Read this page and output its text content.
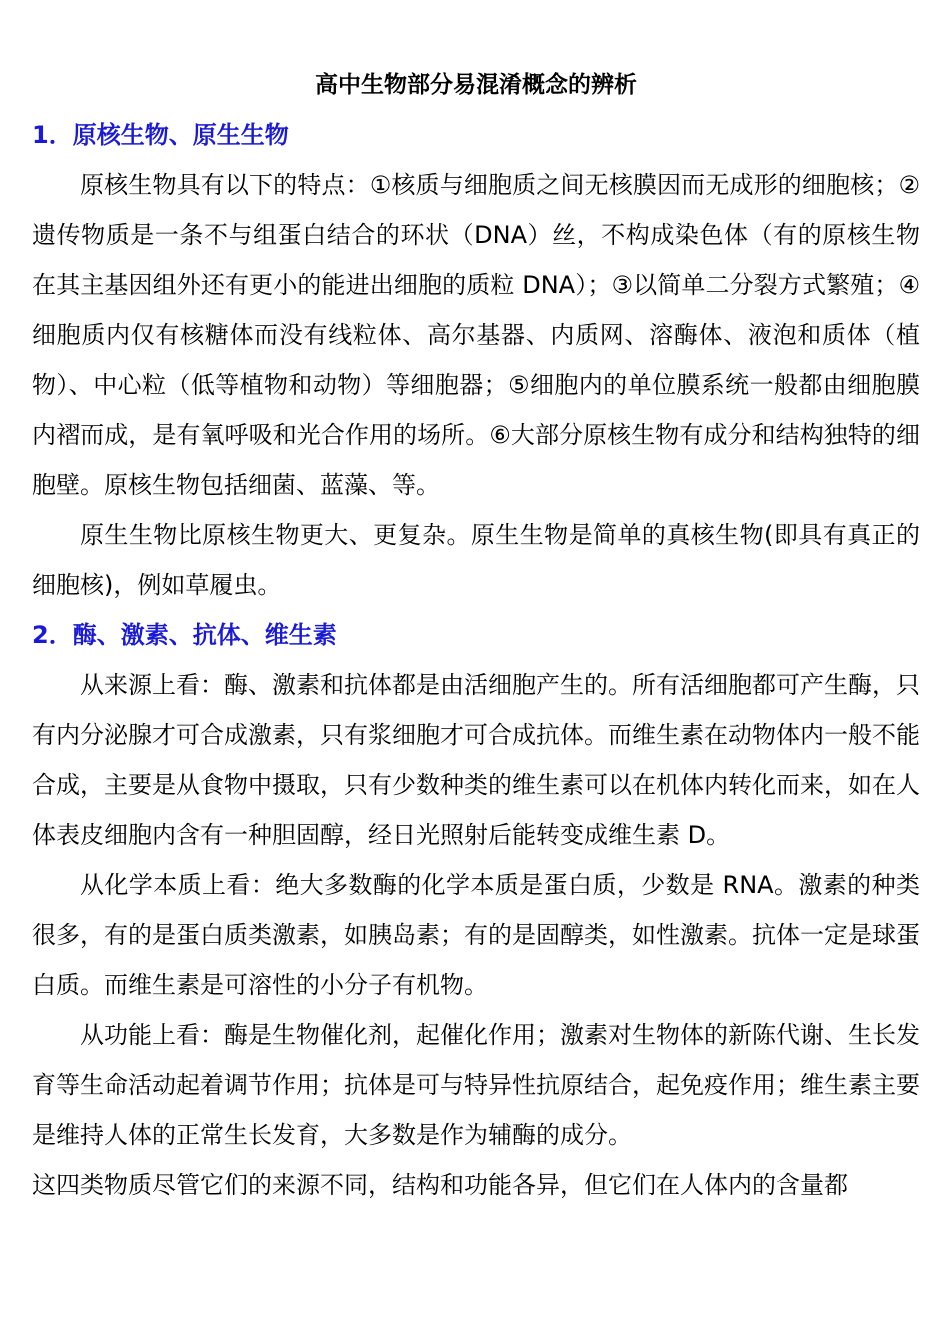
高中生物部分易混淆概念的辨析
1．原核生物、原生生物

原核生物具有以下的特点：①核质与细胞质之间无核膜因而无成形的细胞核；②遗传物质是一条不与组蛋白结合的环状（DNA）丝，不构成染色体（有的原核生物在其主基因组外还有更小的能进出细胞的质粒 DNA）；③以简单二分裂方式繁殖；④细胞质内仅有核糖体而没有线粒体、高尔基器、内质网、溶酶体、液泡和质体（植物）、中心粒（低等植物和动物）等细胞器；⑤细胞内的单位膜系统一般都由细胞膜内褶而成，是有氧呼吸和光合作用的场所。⑥大部分原核生物有成分和结构独特的细胞壁。原核生物包括细菌、蓝藻、等。

原生生物比原核生物更大、更复杂。原生生物是简单的真核生物(即具有真正的细胞核)，例如草履虫。

2．酶、激素、抗体、维生素

从来源上看：酶、激素和抗体都是由活细胞产生的。所有活细胞都可产生酶，只有内分泌腺才可合成激素，只有浆细胞才可合成抗体。而维生素在动物体内一般不能合成，主要是从食物中摄取，只有少数种类的维生素可以在机体内转化而来，如在人体表皮细胞内含有一种胆固醇，经日光照射后能转变成维生素 D。

从化学本质上看：绝大多数酶的化学本质是蛋白质，少数是 RNA。激素的种类很多，有的是蛋白质类激素，如胰岛素；有的是固醇类，如性激素。抗体一定是球蛋白质。而维生素是可溶性的小分子有机物。

从功能上看：酶是生物催化剂，起催化作用；激素对生物体的新陈代谢、生长发育等生命活动起着调节作用；抗体是可与特异性抗原结合，起免疫作用；维生素主要是维持人体的正常生长发育，大多数是作为辅酶的成分。

这四类物质尽管它们的来源不同，结构和功能各异，但它们在人体内的含量都
